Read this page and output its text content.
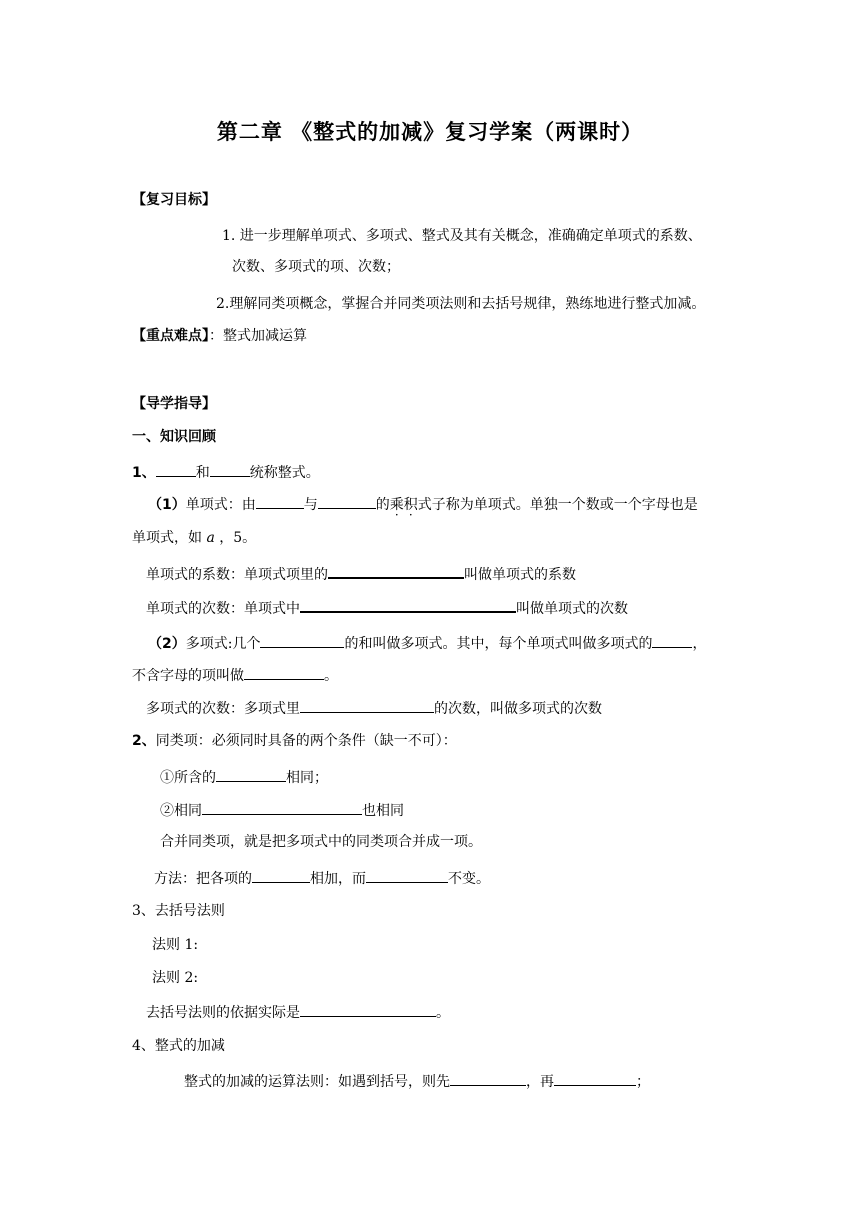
第二章 《整式的加减》复习学案（两课时）
【复习目标】
1. 进一步理解单项式、多项式、整式及其有关概念，准确确定单项式的系数、
次数、多项式的项、次数；
2.理解同类项概念，掌握合并同类项法则和去括号规律，熟练地进行整式加减。
【重点难点】：整式加减运算
【导学指导】
一、知识回顾
1、	和	统称整式。
（1）单项式：由	与	的乘积式子称为单项式。单独一个数或一个字母也是
单项式，如 a ，5。
单项式的系数：单项式项里的	叫做单项式的系数
单项式的次数：单项式中	叫做单项式的次数
（2）多项式:几个	的和叫做多项式。其中，每个单项式叫做多项式的	，
不含字母的项叫做	。
多项式的次数：多项式里	的次数，叫做多项式的次数
2、同类项：必须同时具备的两个条件（缺一不可）：
①所含的	相同；
②相同	也相同
合并同类项，就是把多项式中的同类项合并成一项。
方法：把各项的	相加，而	不变。
3、去括号法则
法则 1:
法则 2:
去括号法则的依据实际是	。
4、整式的加减
整式的加减的运算法则：如遇到括号，则先	，再	；
